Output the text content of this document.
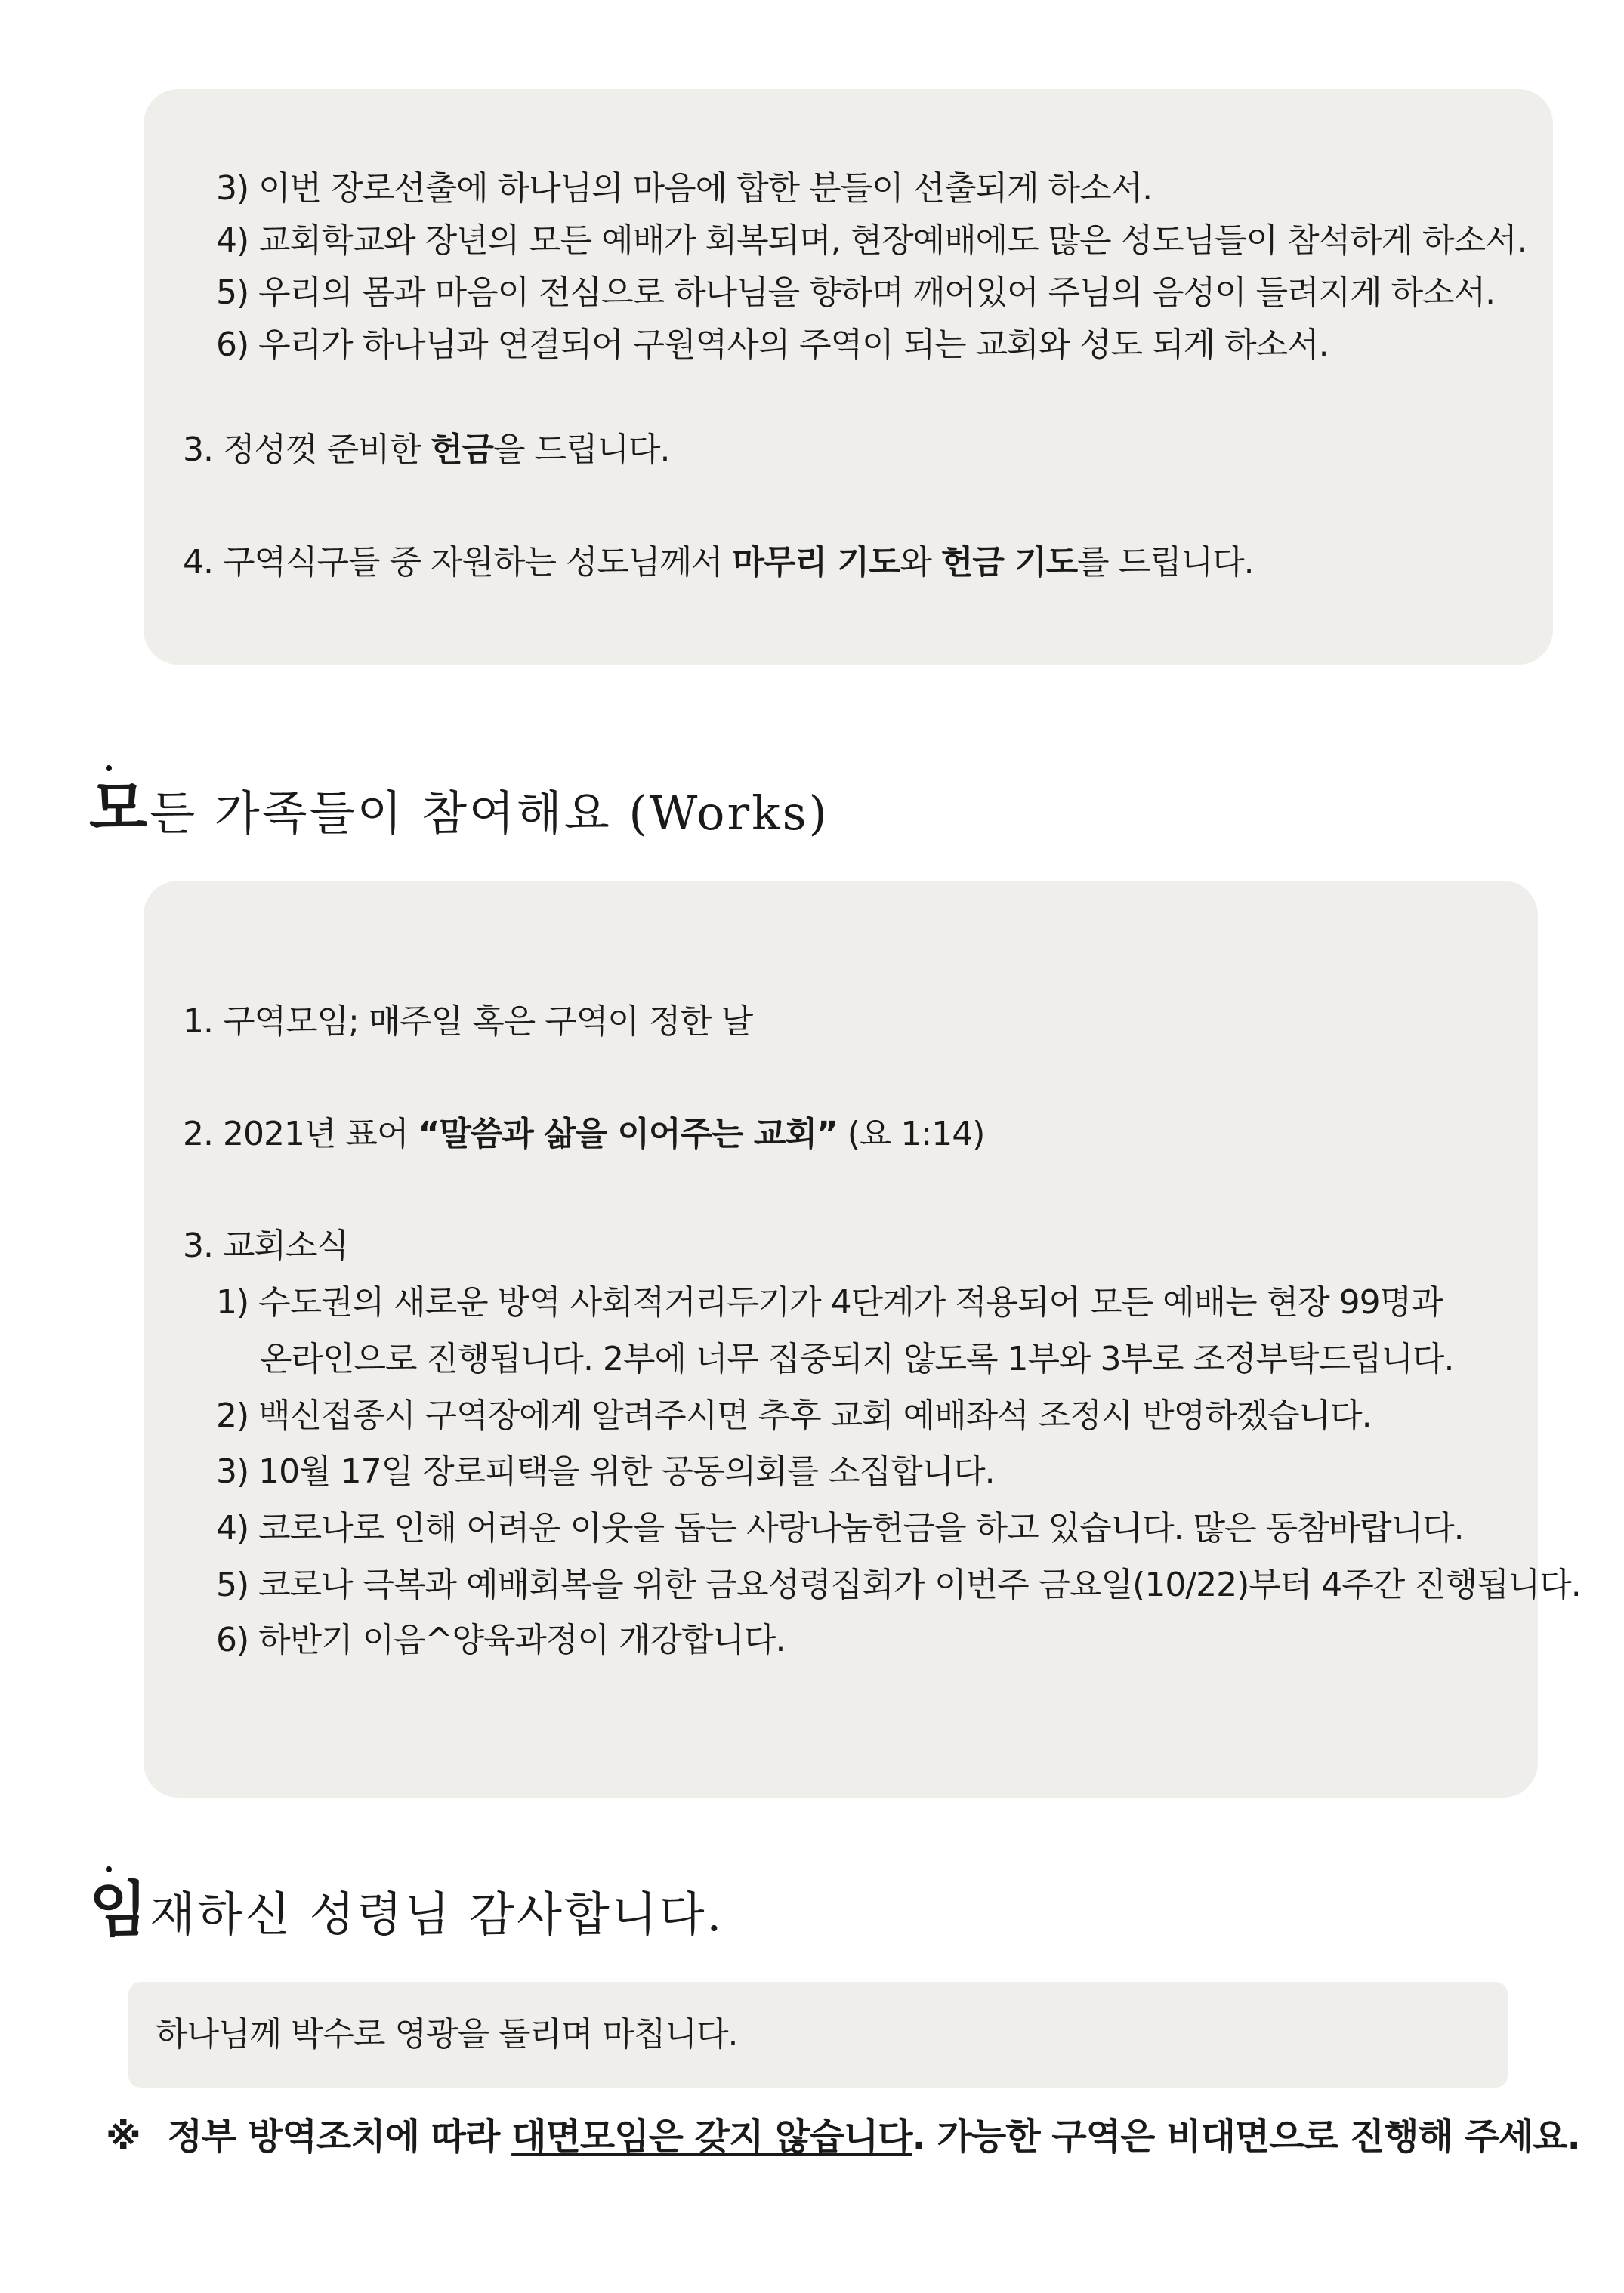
3) 이번 장로선출에 하나님의 마음에 합한 분들이 선출되게 하소서.
4) 교회학교와 장년의 모든 예배가 회복되며, 현장예배에도 많은 성도님들이 참석하게 하소서.
5) 우리의 몸과 마음이 전심으로 하나님을 향하며 깨어있어 주님의 음성이 들려지게 하소서.
6) 우리가 하나님과 연결되어 구원역사의 주역이 되는 교회와 성도 되게 하소서.
3. 정성껏 준비한 헌금을 드립니다.
4. 구역식구들 중 자원하는 성도님께서 마무리 기도와 헌금 기도를 드립니다.
모든 가족들이 참여해요 (Works)
1. 구역모임; 매주일 혹은 구역이 정한 날
2. 2021년 표어 “말씀과 삶을 이어주는 교회” (요 1:14)
3. 교회소식
1) 수도권의 새로운 방역 사회적거리두기가 4단계가 적용되어 모든 예배는 현장 99명과
온라인으로 진행됩니다. 2부에 너무 집중되지 않도록 1부와 3부로 조정부탁드립니다.
2) 백신접종시 구역장에게 알려주시면 추후 교회 예배좌석 조정시 반영하겠습니다.
3) 10월 17일 장로피택을 위한 공동의회를 소집합니다.
4) 코로나로 인해 어려운 이웃을 돕는 사랑나눔헌금을 하고 있습니다. 많은 동참바랍니다.
5) 코로나 극복과 예배회복을 위한 금요성령집회가 이번주 금요일(10/22)부터 4주간 진행됩니다.
6) 하반기 이음^양육과정이 개강합니다.
임재하신 성령님 감사합니다.
하나님께 박수로 영광을 돌리며 마칩니다.
※ 정부 방역조치에 따라 대면모임은 갖지 않습니다. 가능한 구역은 비대면으로 진행해 주세요.
